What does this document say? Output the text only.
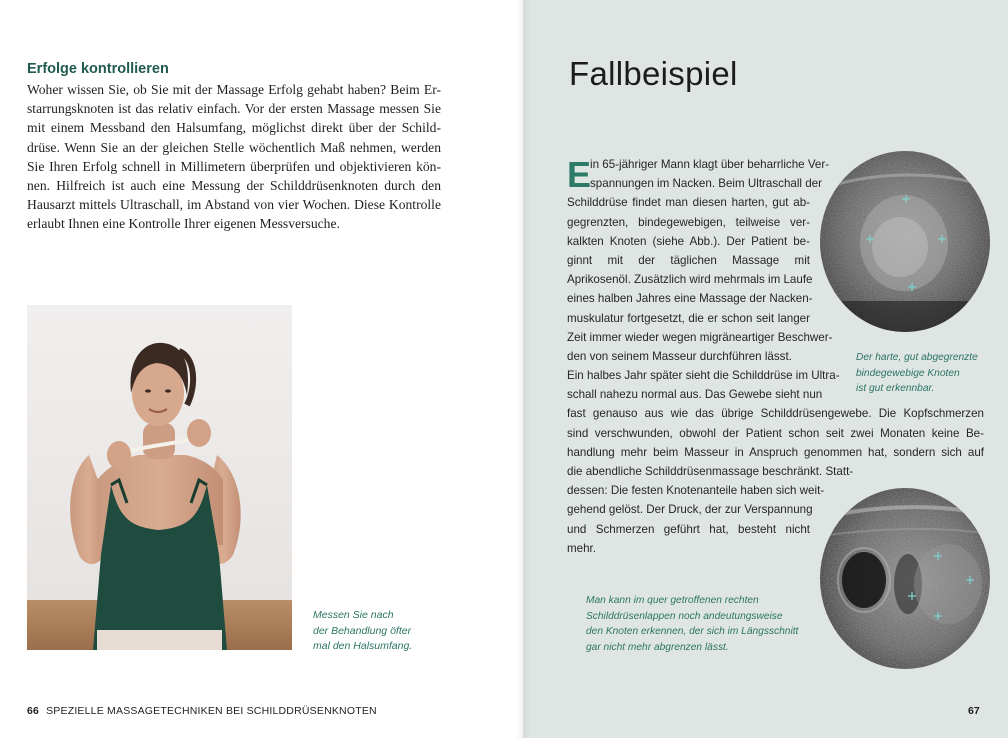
Erfolge kontrollieren
Woher wissen Sie, ob Sie mit der Massage Erfolg gehabt haben? Beim Er-
starrungsknoten ist das relativ einfach. Vor der ersten Massage messen Sie
mit einem Messband den Halsumfang, möglichst direkt über der Schild-
drüse. Wenn Sie an der gleichen Stelle wöchentlich Maß nehmen, werden
Sie Ihren Erfolg schnell in Millimetern überprüfen und objektivieren kön-
nen. Hilfreich ist auch eine Messung der Schilddrüsenknoten durch den
Hausarzt mittels Ultraschall, im Abstand von vier Wochen. Diese Kontrolle
erlaubt Ihnen eine Kontrolle Ihrer eigenen Messversuche.
Messen Sie nach
der Behandlung öfter
mal den Halsumfang.
66 SPEZIELLE MASSAGETECHNIKEN BEI SCHILDDRÜSENKNOTEN
Fallbeispiel
E
in 65-jähriger Mann klagt über beharrliche Ver-
spannungen im Nacken. Beim Ultraschall der
Schilddrüse findet man diesen harten, gut ab-
gegrenzten, bindegewebigen, teilweise ver-
kalkten Knoten (siehe Abb.). Der Patient be-
ginnt mit der täglichen Massage mit
Aprikosenöl. Zusätzlich wird mehrmals im Laufe
eines halben Jahres eine Massage der Nacken-
muskulatur fortgesetzt, die er schon seit langer
Zeit immer wieder wegen migräneartiger Beschwer-
den von seinem Masseur durchführen lässt.
Ein halbes Jahr später sieht die Schilddrüse im Ultra-
schall nahezu normal aus. Das Gewebe sieht nun
fast genauso aus wie das übrige Schilddrüsengewebe. Die Kopfschmerzen
sind verschwunden, obwohl der Patient schon seit zwei Monaten keine Be-
handlung mehr beim Masseur in Anspruch genommen hat, sondern sich auf
die abendliche Schilddrüsenmassage beschränkt. Statt-
dessen: Die festen Knotenanteile haben sich weit-
gehend gelöst. Der Druck, der zur Verspannung
und Schmerzen geführt hat, besteht nicht
mehr.
Der harte, gut abgegrenzte
bindegewebige Knoten
ist gut erkennbar.
Man kann im quer getroffenen rechten
Schilddrüsenlappen noch andeutungsweise
den Knoten erkennen, der sich im Längsschnitt
gar nicht mehr abgrenzen lässt.
67
